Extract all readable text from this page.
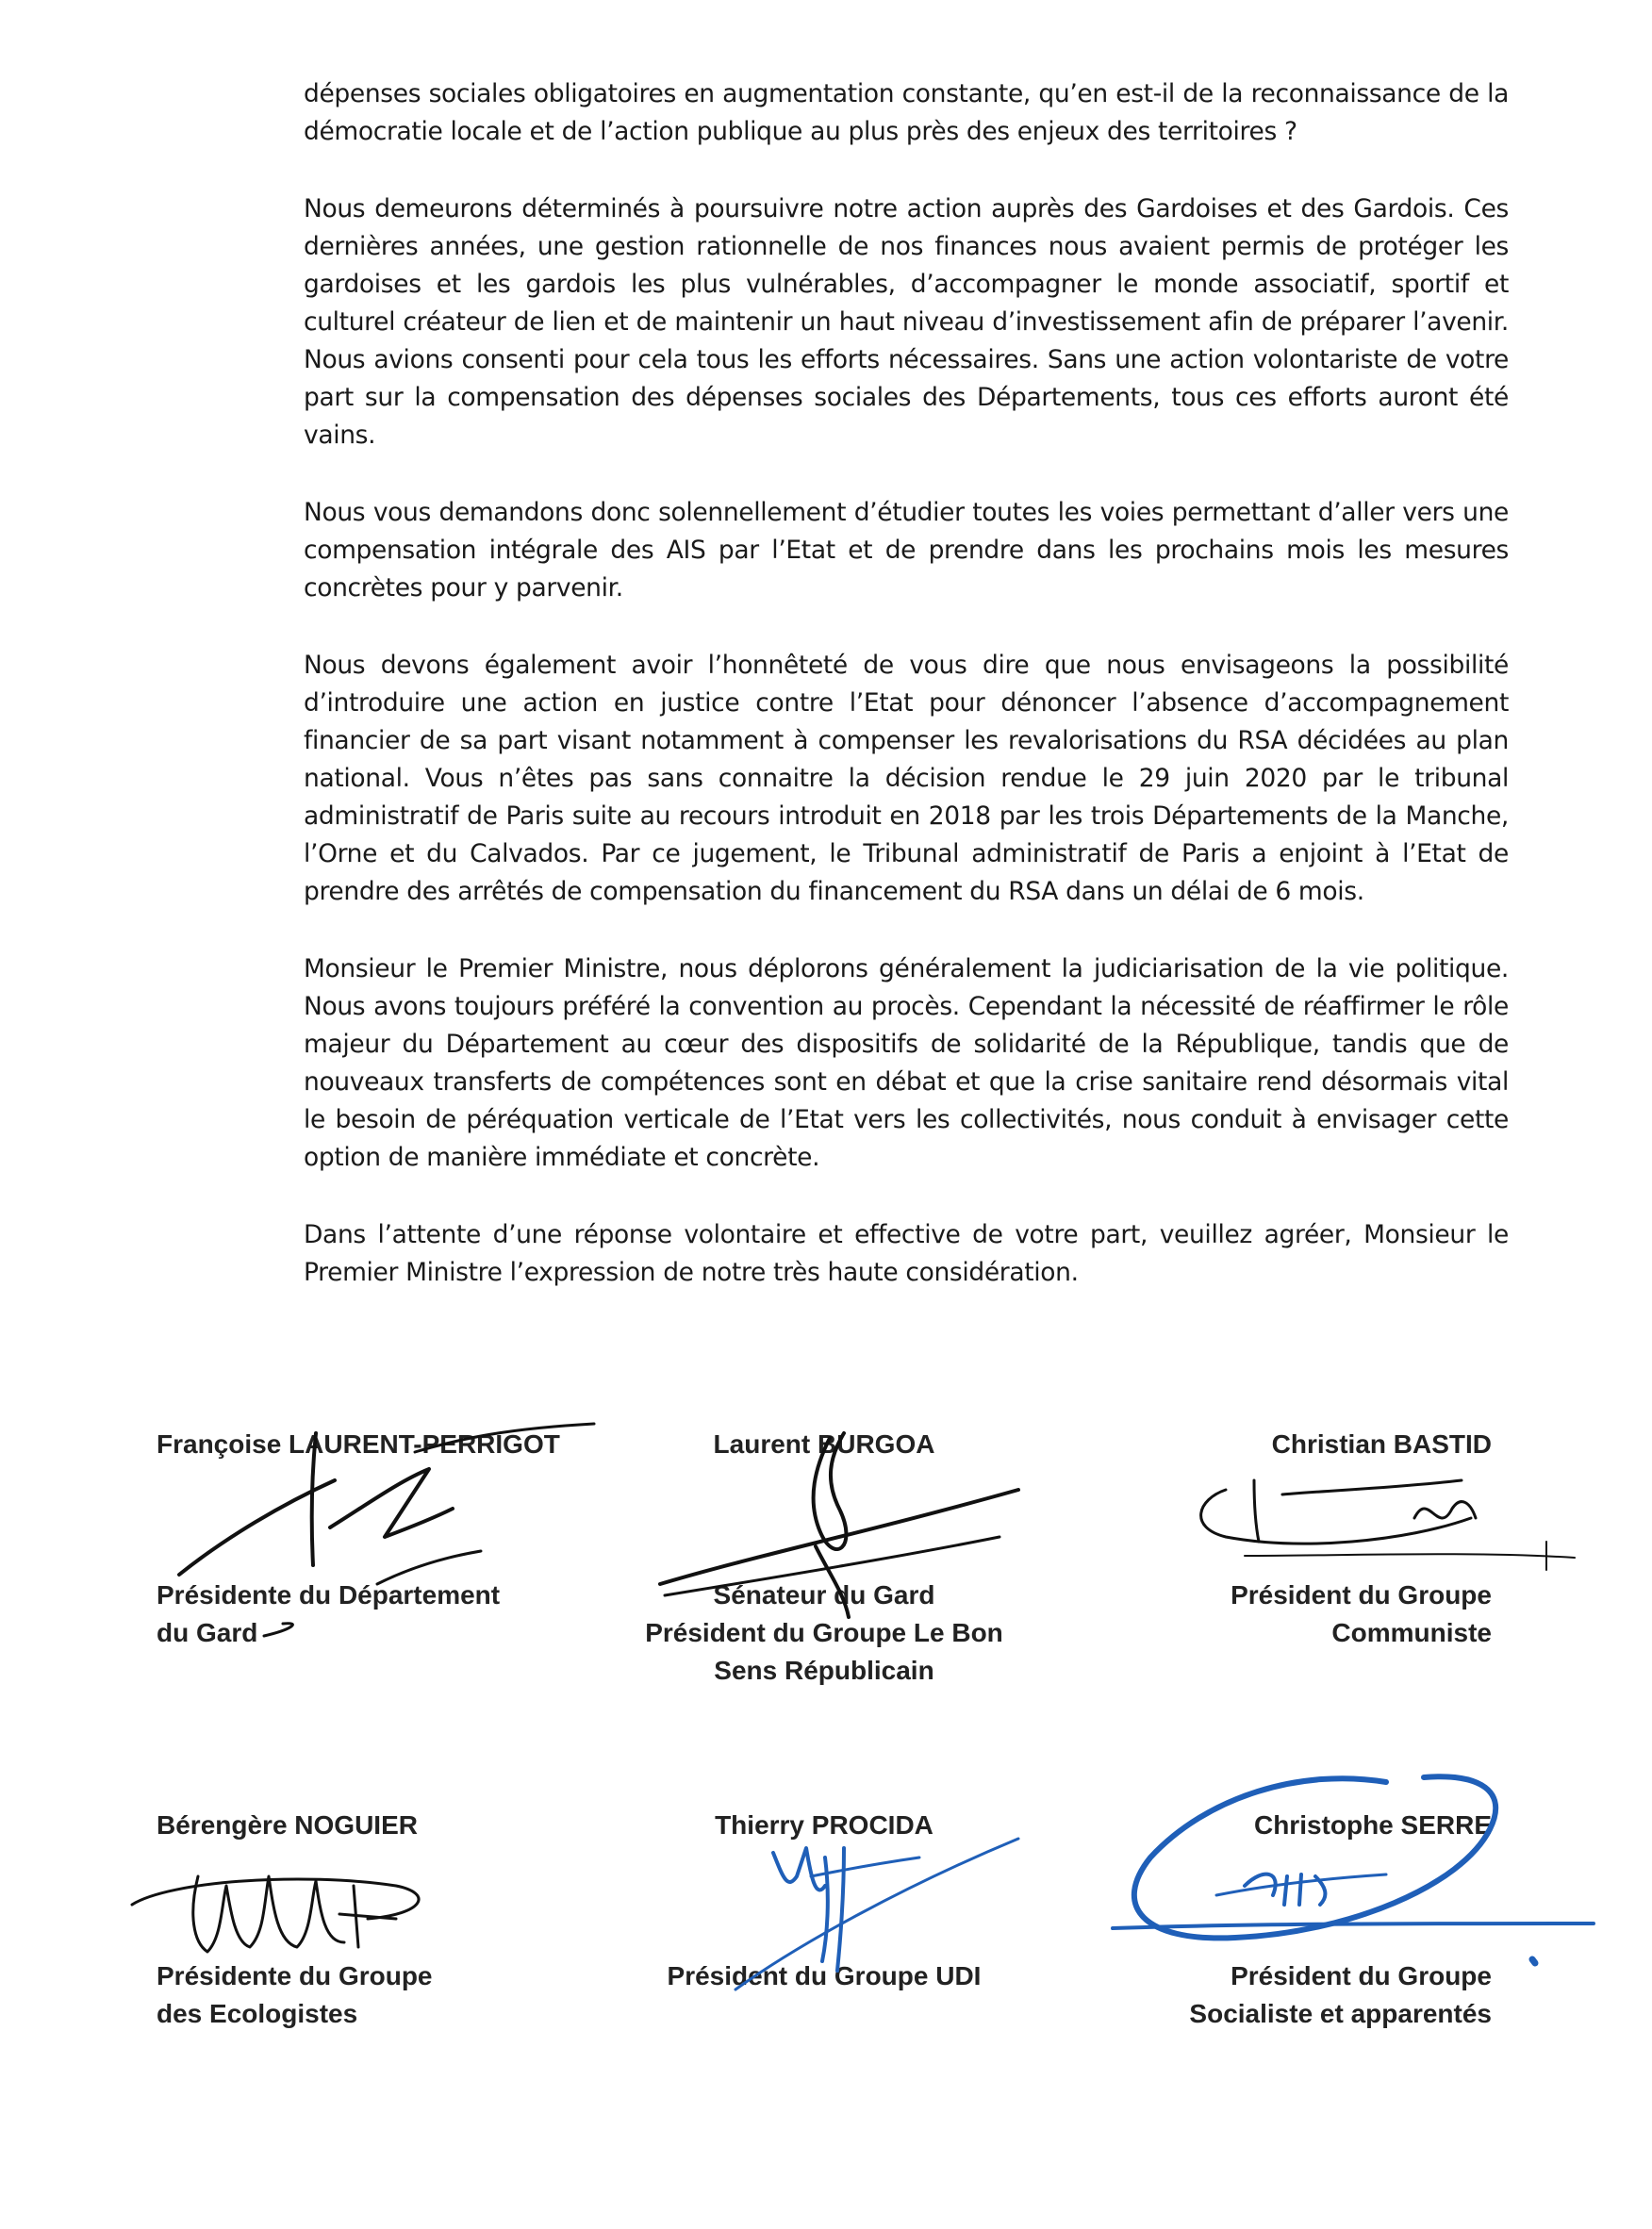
dépenses sociales obligatoires en augmentation constante, qu’en est-il de la reconnaissance de la démocratie locale et de l’action publique au plus près des enjeux des territoires ?

Nous demeurons déterminés à poursuivre notre action auprès des Gardoises et des Gardois. Ces dernières années, une gestion rationnelle de nos finances nous avaient permis de protéger les gardoises et les gardois les plus vulnérables, d’accompagner le monde associatif, sportif et culturel créateur de lien et de maintenir un haut niveau d’investissement afin de préparer l’avenir. Nous avions consenti pour cela tous les efforts nécessaires. Sans une action volontariste de votre part sur la compensation des dépenses sociales des Départements, tous ces efforts auront été vains.

Nous vous demandons donc solennellement d’étudier toutes les voies permettant d’aller vers une compensation intégrale des AIS par l’Etat et de prendre dans les prochains mois les mesures concrètes pour y parvenir.

Nous devons également avoir l’honnêteté de vous dire que nous envisageons la possibilité d’introduire une action en justice contre l’Etat pour dénoncer l’absence d’accompagnement financier de sa part visant notamment à compenser les revalorisations du RSA décidées au plan national. Vous n’êtes pas sans connaitre la décision rendue le 29 juin 2020 par le tribunal administratif de Paris suite au recours introduit en 2018 par les trois Départements de la Manche, l’Orne et du Calvados. Par ce jugement, le Tribunal administratif de Paris a enjoint à l’Etat de prendre des arrêtés de compensation du financement du RSA dans un délai de 6 mois.

Monsieur le Premier Ministre, nous déplorons généralement la judiciarisation de la vie politique. Nous avons toujours préféré la convention au procès. Cependant la nécessité de réaffirmer le rôle majeur du Département au cœur des dispositifs de solidarité de la République, tandis que de nouveaux transferts de compétences sont en débat et que la crise sanitaire rend désormais vital le besoin de péréquation verticale de l’Etat vers les collectivités, nous conduit à envisager cette option de manière immédiate et concrète.

Dans l’attente d’une réponse volontaire et effective de votre part, veuillez agréer, Monsieur le Premier Ministre l’expression de notre très haute considération.

Françoise LAURENT-PERRIGOT
Présidente du Département
du Gard
Laurent BURGOA
Sénateur du Gard
Président du Groupe Le Bon
Sens Républicain
Christian BASTID
Président du Groupe
Communiste
Bérengère NOGUIER
Présidente du Groupe
des Ecologistes
Thierry PROCIDA
Président du Groupe UDI
Christophe SERRE
Président du Groupe
Socialiste et apparentés
